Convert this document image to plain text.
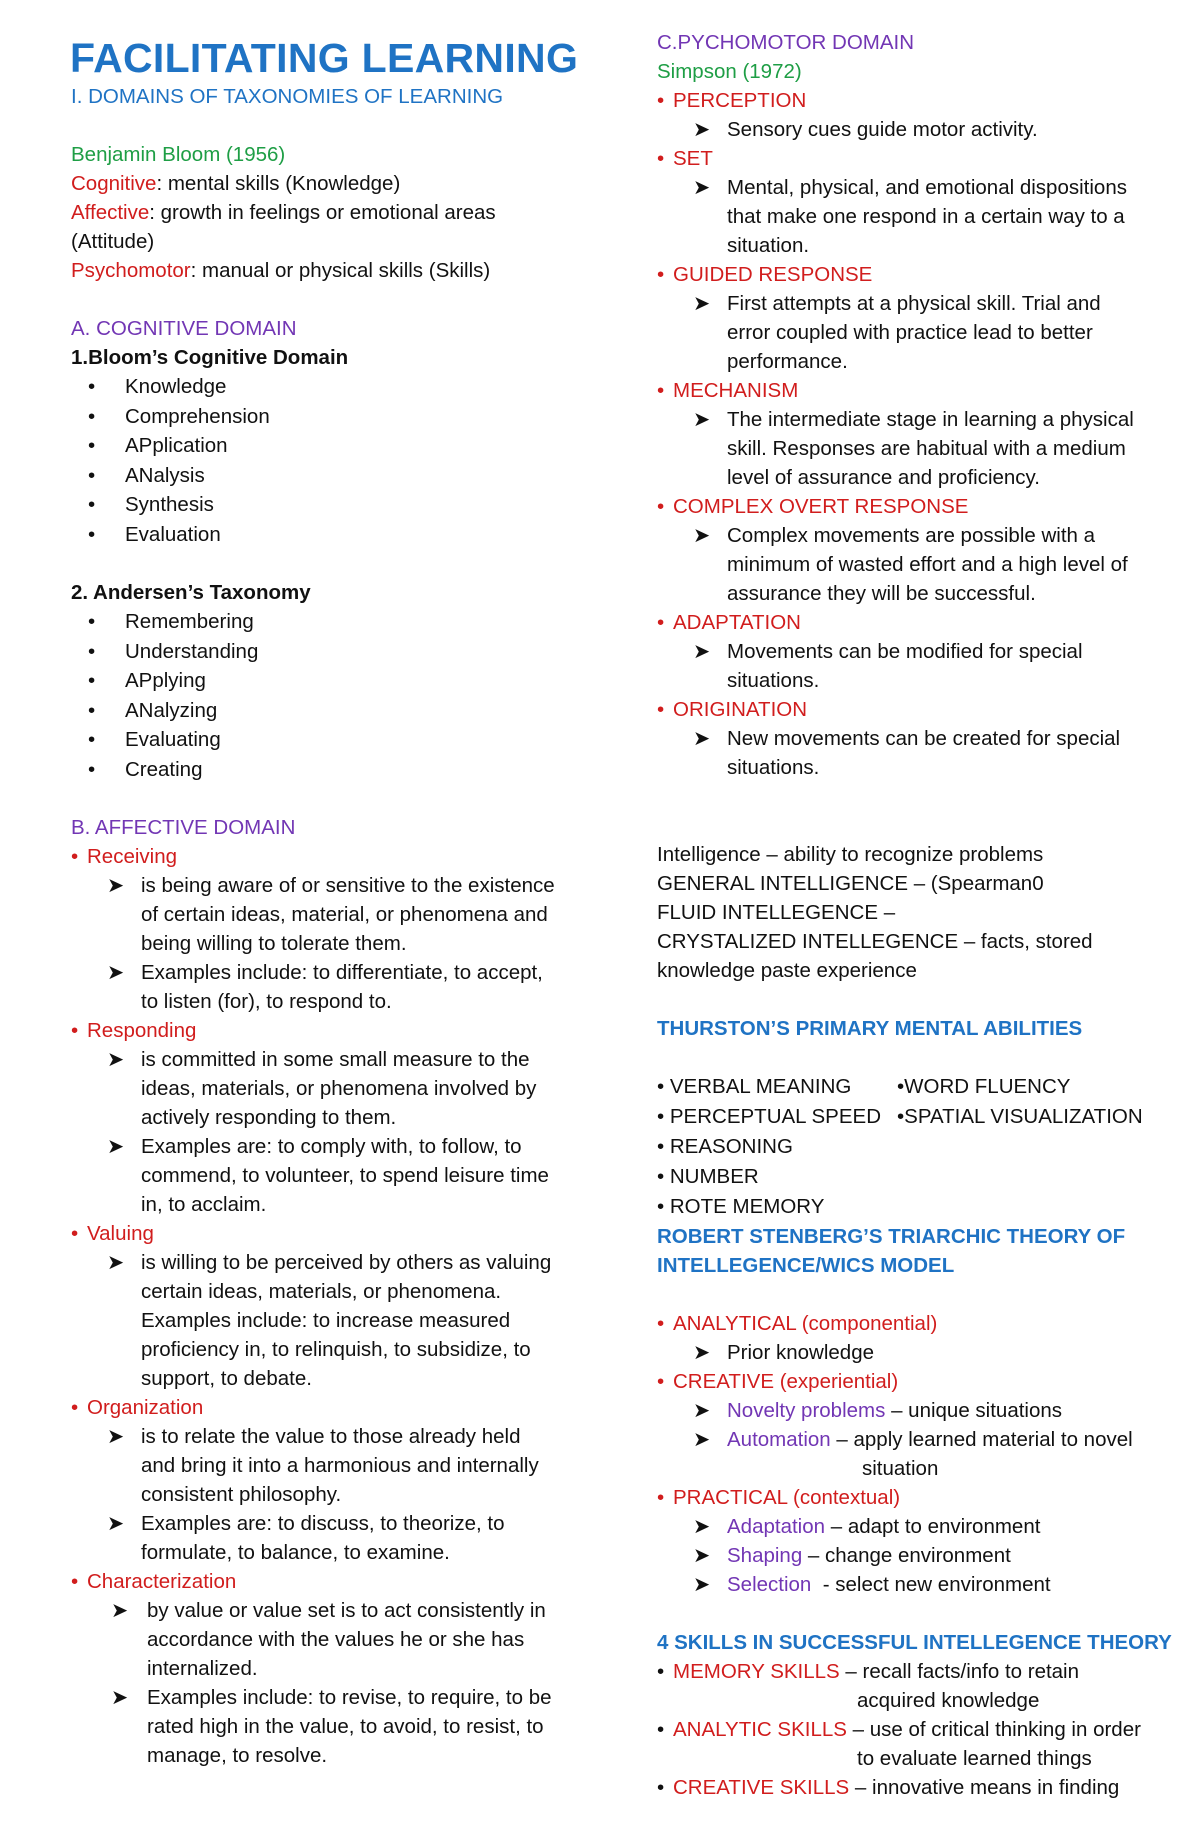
FACILITATING LEARNING

I. DOMAINS OF TAXONOMIES OF LEARNING

Benjamin Bloom (1956)

Cognitive: mental skills (Knowledge)

Affective: growth in feelings or emotional areas

(Attitude)

Psychomotor: manual or physical skills (Skills)

A. COGNITIVE DOMAIN

1.Bloom’s Cognitive Domain

• Knowledge
• Comprehension
• APplication
• ANalysis
• Synthesis
• Evaluation

2. Andersen’s Taxonomy

• Remembering
• Understanding
• APplying
• ANalyzing
• Evaluating
• Creating

B. AFFECTIVE DOMAIN

• Receiving
➤ is being aware of or sensitive to the existence
of certain ideas, material, or phenomena and
being willing to tolerate them.
➤ Examples include: to differentiate, to accept,
to listen (for), to respond to.
• Responding
➤ is committed in some small measure to the
ideas, materials, or phenomena involved by
actively responding to them.
➤ Examples are: to comply with, to follow, to
commend, to volunteer, to spend leisure time
in, to acclaim.
• Valuing
➤ is willing to be perceived by others as valuing
certain ideas, materials, or phenomena.
Examples include: to increase measured
proficiency in, to relinquish, to subsidize, to
support, to debate.
• Organization
➤ is to relate the value to those already held
and bring it into a harmonious and internally
consistent philosophy.
➤ Examples are: to discuss, to theorize, to
formulate, to balance, to examine.
• Characterization
➤ by value or value set is to act consistently in
accordance with the values he or she has
internalized.
➤ Examples include: to revise, to require, to be
rated high in the value, to avoid, to resist, to
manage, to resolve.

C.PYCHOMOTOR DOMAIN

Simpson (1972)

• PERCEPTION
➤ Sensory cues guide motor activity.
• SET
➤ Mental, physical, and emotional dispositions
that make one respond in a certain way to a
situation.
• GUIDED RESPONSE
➤ First attempts at a physical skill. Trial and
error coupled with practice lead to better
performance.
• MECHANISM
➤ The intermediate stage in learning a physical
skill. Responses are habitual with a medium
level of assurance and proficiency.
• COMPLEX OVERT RESPONSE
➤ Complex movements are possible with a
minimum of wasted effort and a high level of
assurance they will be successful.
• ADAPTATION
➤ Movements can be modified for special
situations.
• ORIGINATION
➤ New movements can be created for special
situations.

Intelligence – ability to recognize problems

GENERAL INTELLIGENCE – (Spearman0

FLUID INTELLEGENCE –

CRYSTALIZED INTELLEGENCE – facts, stored

knowledge paste experience

THURSTON’S PRIMARY MENTAL ABILITIES

• VERBAL MEANING	•WORD FLUENCY
• PERCEPTUAL SPEED •SPATIAL VISUALIZATION
• REASONING
• NUMBER
• ROTE MEMORY

ROBERT STENBERG’S TRIARCHIC THEORY OF

INTELLEGENCE/WICS MODEL

• ANALYTICAL (componential)
➤ Prior knowledge
• CREATIVE (experiential)
➤ Novelty problems – unique situations
➤ Automation – apply learned material to novel
situation
• PRACTICAL (contextual)
➤ Adaptation – adapt to environment
➤ Shaping – change environment
➤ Selection  - select new environment

4 SKILLS IN SUCCESSFUL INTELLEGENCE THEORY

• MEMORY SKILLS – recall facts/info to retain
acquired knowledge
• ANALYTIC SKILLS – use of critical thinking in order
to evaluate learned things
• CREATIVE SKILLS – innovative means in finding
